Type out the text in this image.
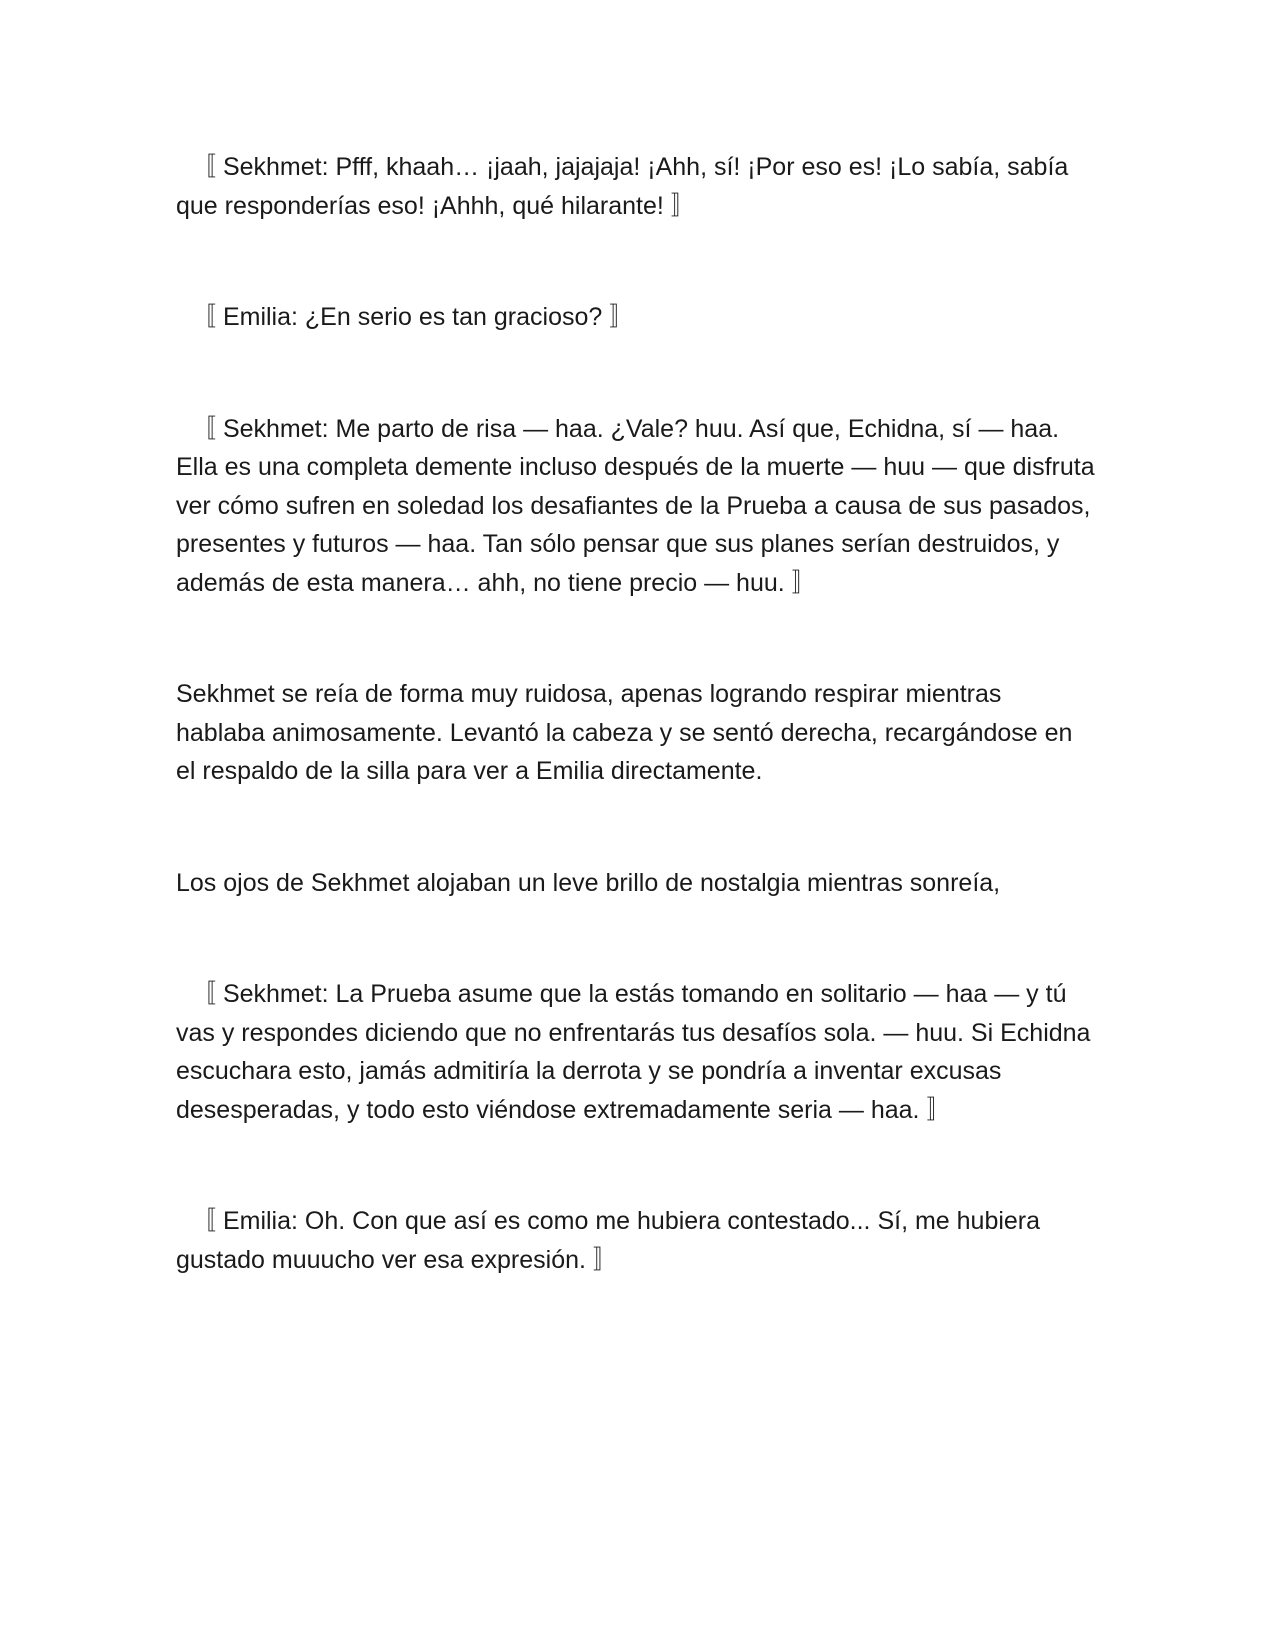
〚 Sekhmet: Pfff, khaah… ¡jaah, jajajaja! ¡Ahh, sí! ¡Por eso es! ¡Lo sabía, sabía que responderías eso! ¡Ahhh, qué hilarante! 〛

〚 Emilia: ¿En serio es tan gracioso? 〛

〚 Sekhmet: Me parto de risa — haa. ¿Vale? huu. Así que, Echidna, sí — haa. Ella es una completa demente incluso después de la muerte — huu — que disfruta ver cómo sufren en soledad los desafiantes de la Prueba a causa de sus pasados, presentes y futuros — haa. Tan sólo pensar que sus planes serían destruidos, y además de esta manera… ahh, no tiene precio — huu. 〛

Sekhmet se reía de forma muy ruidosa, apenas logrando respirar mientras hablaba animosamente. Levantó la cabeza y se sentó derecha, recargándose en el respaldo de la silla para ver a Emilia directamente.

Los ojos de Sekhmet alojaban un leve brillo de nostalgia mientras sonreía,

〚 Sekhmet: La Prueba asume que la estás tomando en solitario — haa — y tú vas y respondes diciendo que no enfrentarás tus desafíos sola. — huu. Si Echidna escuchara esto, jamás admitiría la derrota y se pondría a inventar excusas desesperadas, y todo esto viéndose extremadamente seria — haa. 〛

〚 Emilia: Oh. Con que así es como me hubiera contestado... Sí, me hubiera gustado muuucho ver esa expresión. 〛
